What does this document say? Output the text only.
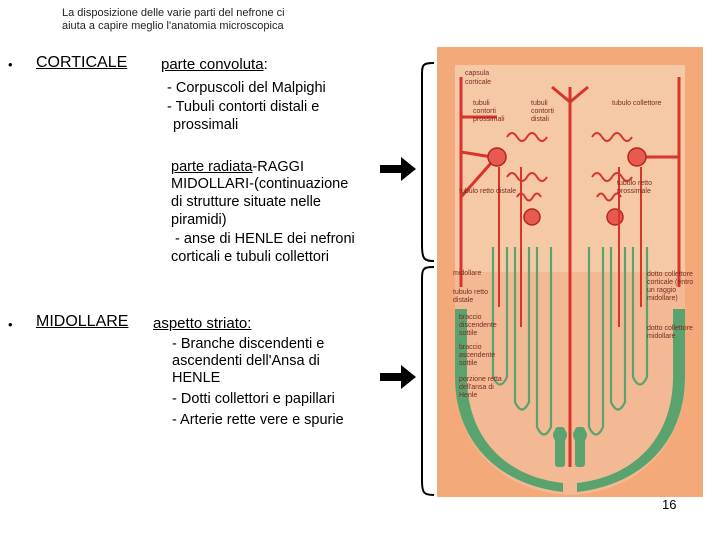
La disposizione delle varie parti del nefrone ci
aiuta a capire meglio l'anatomia microscopica
• CORTICALE parte convoluta:
- Corpuscoli del Malpighi
- Tubuli contorti distali e
prossimali
parte radiata-RAGGI
MIDOLLARI-(continuazione
di strutture situate nelle
piramidi)
- anse di HENLE dei nefroni
corticali e tubuli collettori
• MIDOLLARE aspetto striato:
- Branche discendenti e
ascendenti dell'Ansa di
HENLE
- Dotti collettori e papillari
- Arterie rette vere e spurie
capsula corticale
tubuli contorti prossimali
tubuli contorti distali
tubulo collettore
tubulo retto distale
tubulo retto prossimale
midollare
tubulo retto distale
braccio discendente sottile
braccio ascendente sottile
porzione retta dell'ansa di Henle
dotto collettore corticale (entro un raggio midollare)
dotto collettore midollare
16
